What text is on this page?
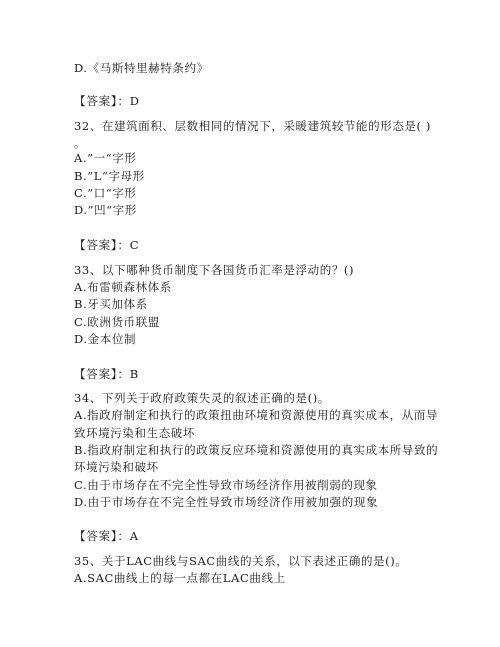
D.《马斯特里赫特条约》
【答案】：D
32、在建筑面积、层数相同的情况下，采暖建筑较节能的形态是( )
。
A.”一“字形
B.”L“字母形
C.”口“字形
D.”凹“字形
【答案】：C
33、以下哪种货币制度下各国货币汇率是浮动的？()
A.布雷顿森林体系
B.牙买加体系
C.欧洲货币联盟
D.金本位制
【答案】：B
34、下列关于政府政策失灵的叙述正确的是()。
A.指政府制定和执行的政策扭曲环境和资源使用的真实成本，从而导
致环境污染和生态破坏
B.指政府制定和执行的政策反应环境和资源使用的真实成本所导致的
环境污染和破坏
C.由于市场存在不完全性导致市场经济作用被削弱的现象
D.由于市场存在不完全性导致市场经济作用被加强的现象
【答案】：A
35、关于LAC曲线与SAC曲线的关系，以下表述正确的是()。
A.SAC曲线上的每一点都在LAC曲线上
